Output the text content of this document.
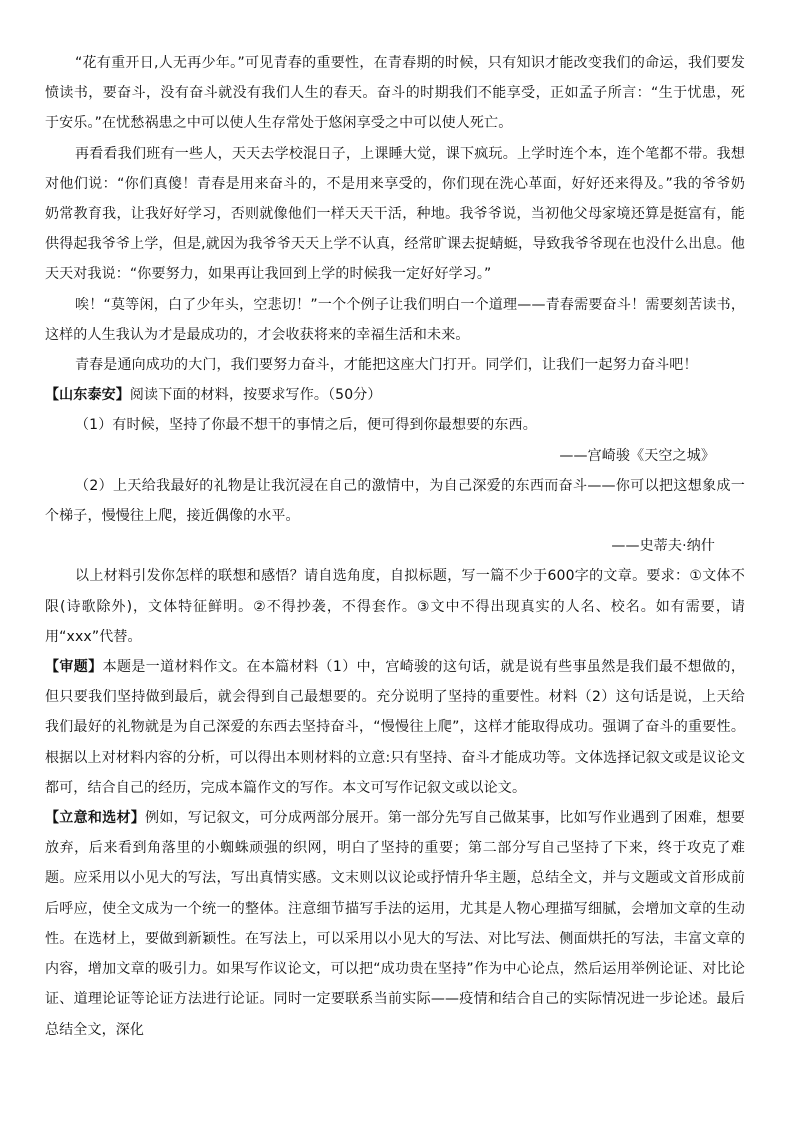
“花有重开日,人无再少年。”可见青春的重要性，在青春期的时候，只有知识才能改变我们的命运，我们要发愤读书，要奋斗，没有奋斗就没有我们人生的春天。奋斗的时期我们不能享受，正如孟子所言：“生于忧患，死于安乐。”在忧愁祸患之中可以使人生存常处于悠闲享受之中可以使人死亡。

再看看我们班有一些人，天天去学校混日子，上课睡大觉，课下疯玩。上学时连个本，连个笔都不带。我想对他们说：“你们真傻！青春是用来奋斗的，不是用来享受的，你们现在洗心革面，好好还来得及。”我的爷爷奶奶常教育我，让我好好学习，否则就像他们一样天天干活，种地。我爷爷说，当初他父母家境还算是挺富有，能供得起我爷爷上学，但是,就因为我爷爷天天上学不认真，经常旷课去捉蜻蜓，导致我爷爷现在也没什么出息。他天天对我说：“你要努力，如果再让我回到上学的时候我一定好好学习。”

唉！“莫等闲，白了少年头，空悲切！”一个个例子让我们明白一个道理——青春需要奋斗！需要刻苦读书，这样的人生我认为才是最成功的，才会收获将来的幸福生活和未来。

青春是通向成功的大门，我们要努力奋斗，才能把这座大门打开。同学们，让我们一起努力奋斗吧！

【山东泰安】阅读下面的材料，按要求写作。（50分）

（1）有时候，坚持了你最不想干的事情之后，便可得到你最想要的东西。

——宫崎骏《天空之城》

（2）上天给我最好的礼物是让我沉浸在自己的激情中，为自己深爱的东西而奋斗——你可以把这想象成一个梯子，慢慢往上爬，接近偶像的水平。

——史蒂夫·纳什

以上材料引发你怎样的联想和感悟？请自选角度，自拟标题，写一篇不少于600字的文章。要求：①文体不限(诗歌除外)，文体特征鲜明。②不得抄袭，不得套作。③文中不得出现真实的人名、校名。如有需要，请用“xxx”代替。

【审题】本题是一道材料作文。在本篇材料（1）中，宫崎骏的这句话，就是说有些事虽然是我们最不想做的，但只要我们坚持做到最后，就会得到自己最想要的。充分说明了坚持的重要性。材料（2）这句话是说，上天给我们最好的礼物就是为自己深爱的东西去坚持奋斗，“慢慢往上爬”，这样才能取得成功。强调了奋斗的重要性。根据以上对材料内容的分析，可以得出本则材料的立意:只有坚持、奋斗才能成功等。文体选择记叙文或是议论文都可，结合自己的经历，完成本篇作文的写作。本文可写作记叙文或以论文。

【立意和选材】例如，写记叙文，可分成两部分展开。第一部分先写自己做某事，比如写作业遇到了困难，想要放弃，后来看到角落里的小蜘蛛顽强的织网，明白了坚持的重要；第二部分写自己坚持了下来，终于攻克了难题。应采用以小见大的写法，写出真情实感。文末则以议论或抒情升华主题，总结全文，并与文题或文首形成前后呼应，使全文成为一个统一的整体。注意细节描写手法的运用，尤其是人物心理描写细腻，会增加文章的生动性。在选材上，要做到新颖性。在写法上，可以采用以小见大的写法、对比写法、侧面烘托的写法，丰富文章的内容，增加文章的吸引力。如果写作议论文，可以把“成功贵在坚持”作为中心论点，然后运用举例论证、对比论证、道理论证等论证方法进行论证。同时一定要联系当前实际——疫情和结合自己的实际情况进一步论述。最后总结全文，深化
